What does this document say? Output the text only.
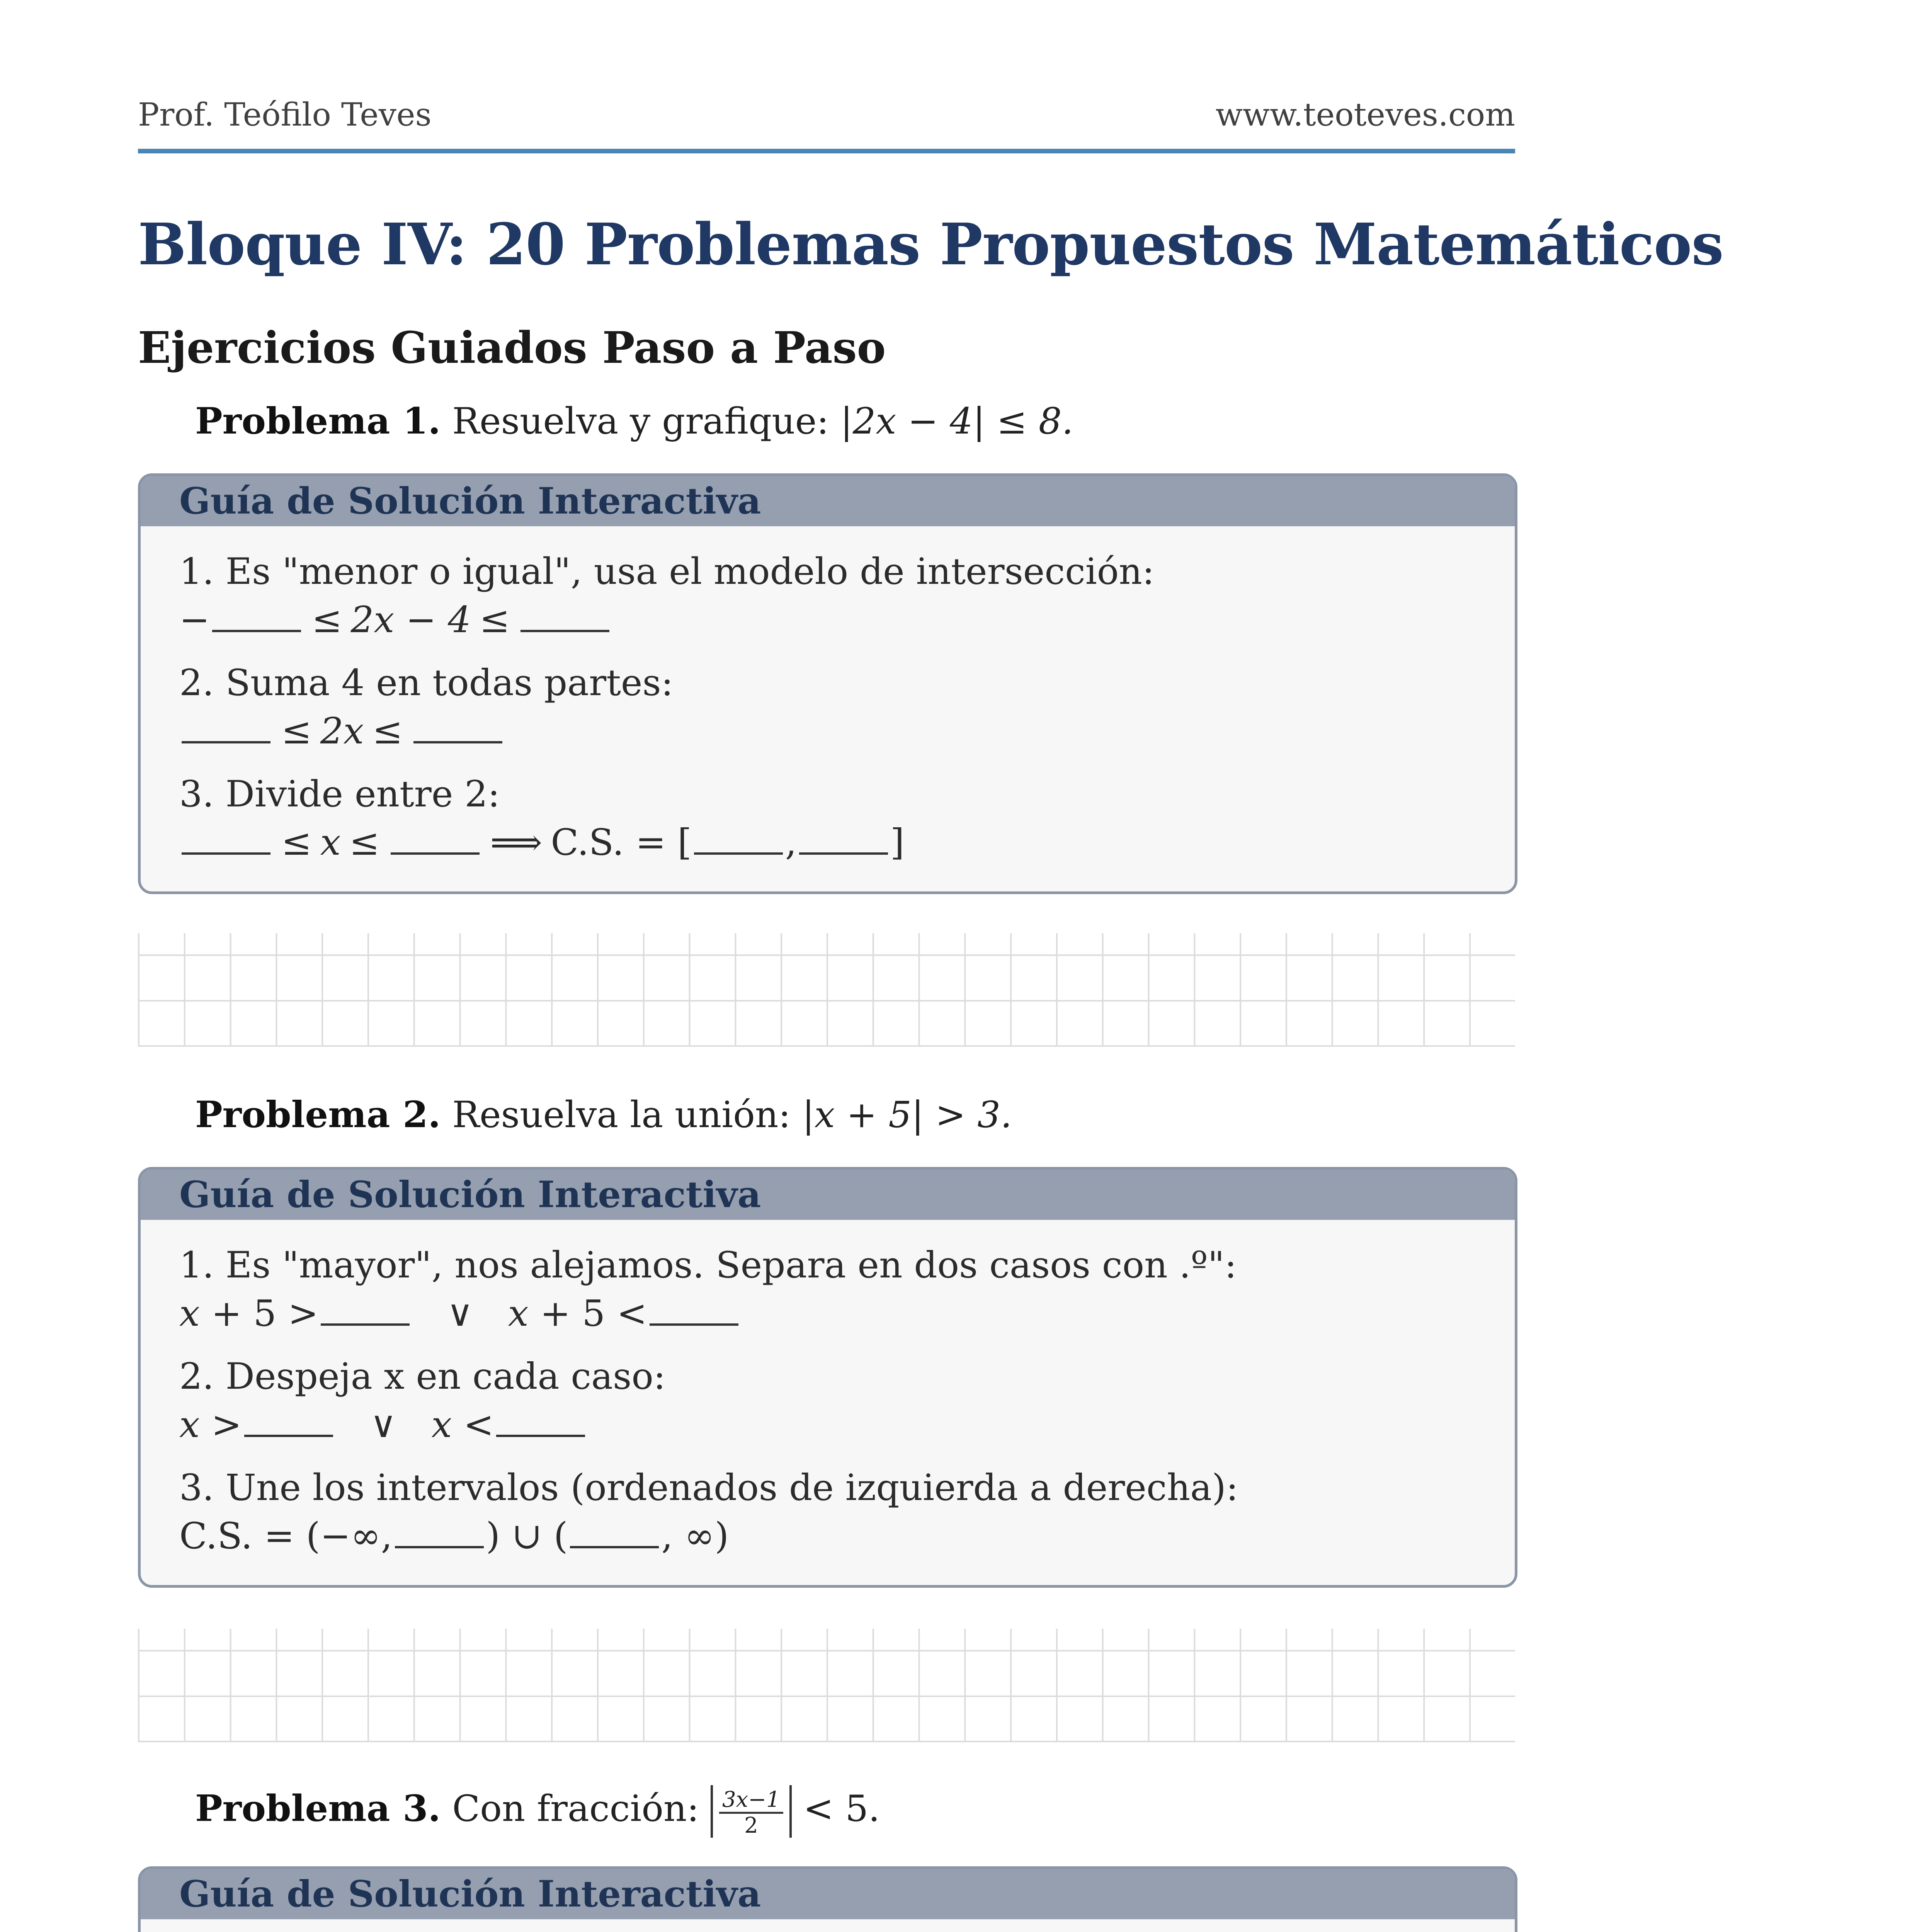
Prof. Teófilo Teves	www.teoteves.com
Bloque IV: 20 Problemas Propuestos Matemáticos
Ejercicios Guiados Paso a Paso
Problema 1. Resuelva y grafique: |2x − 4| ≤ 8.
Guía de Solución Interactiva
1. Es "menor o igual", usa el modelo de intersección:
−	≤ 2x − 4 ≤
2. Suma 4 en todas partes:
≤ 2x ≤
3. Divide entre 2:
≤ x ≤	⟹ C.S. = [	,	]
Problema 2. Resuelva la unión: |x + 5| > 3.
Guía de Solución Interactiva
1. Es "mayor", nos alejamos. Separa en dos casos con .º":
x + 5 >	∨ x + 5 <
2. Despeja x en cada caso:
x >	∨ x <
3. Une los intervalos (ordenados de izquierda a derecha):
C.S. = (−∞,	) ∪ (	, ∞)
Problema 3. Con fracción: $\frac{3x-1}{2} < 5$.
Guía de Solución Interactiva
